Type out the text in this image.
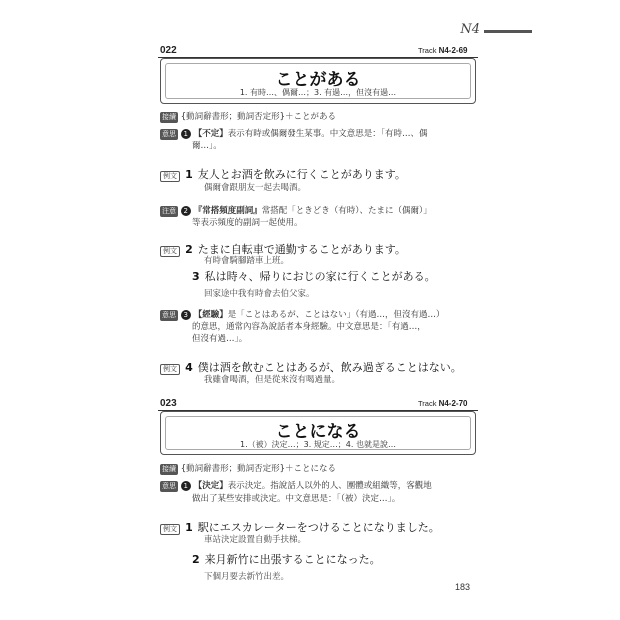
N4
022	Track N4-2-69
ことがある
1. 有時…、偶爾…；3. 有過…，但沒有過…
接續 {動詞辭書形；動詞否定形}＋ことがある
意思 1 【不定】表示有時或偶爾發生某事。中文意思是：「有時…、偶
爾…」。
例文 1 友人とお酒を飲みに行くことがあります。
偶爾會跟朋友一起去喝酒。
注意 2 『常搭頻度副詞』常搭配「ときどき（有時）、たまに（偶爾）」
等表示頻度的副詞一起使用。
例文 2 たまに自転車で通勤することがあります。
有時會騎腳踏車上班。
3 私は時々、帰りにおじの家に行くことがある。
回家途中我有時會去伯父家。
意思 3 【經驗】是「ことはあるが、ことはない」（有過…，但沒有過…）
的意思，通常內容為說話者本身經驗。中文意思是：「有過…，
但沒有過…」。
例文 4 僕は酒を飲むことはあるが、飲み過ぎることはない。
我雖會喝酒，但是從來沒有喝過量。
023	Track N4-2-70
ことになる
1.（被）決定…；3. 規定…；4. 也就是說…
接續 {動詞辭書形；動詞否定形}＋ことになる
意思 1 【決定】表示決定。指說話人以外的人、團體或組織等，客觀地
做出了某些安排或決定。中文意思是：「（被）決定…」。
例文 1 駅にエスカレーターをつけることになりました。
車站決定設置自動手扶梯。
2 来月新竹に出張することになった。
下個月要去新竹出差。
183
